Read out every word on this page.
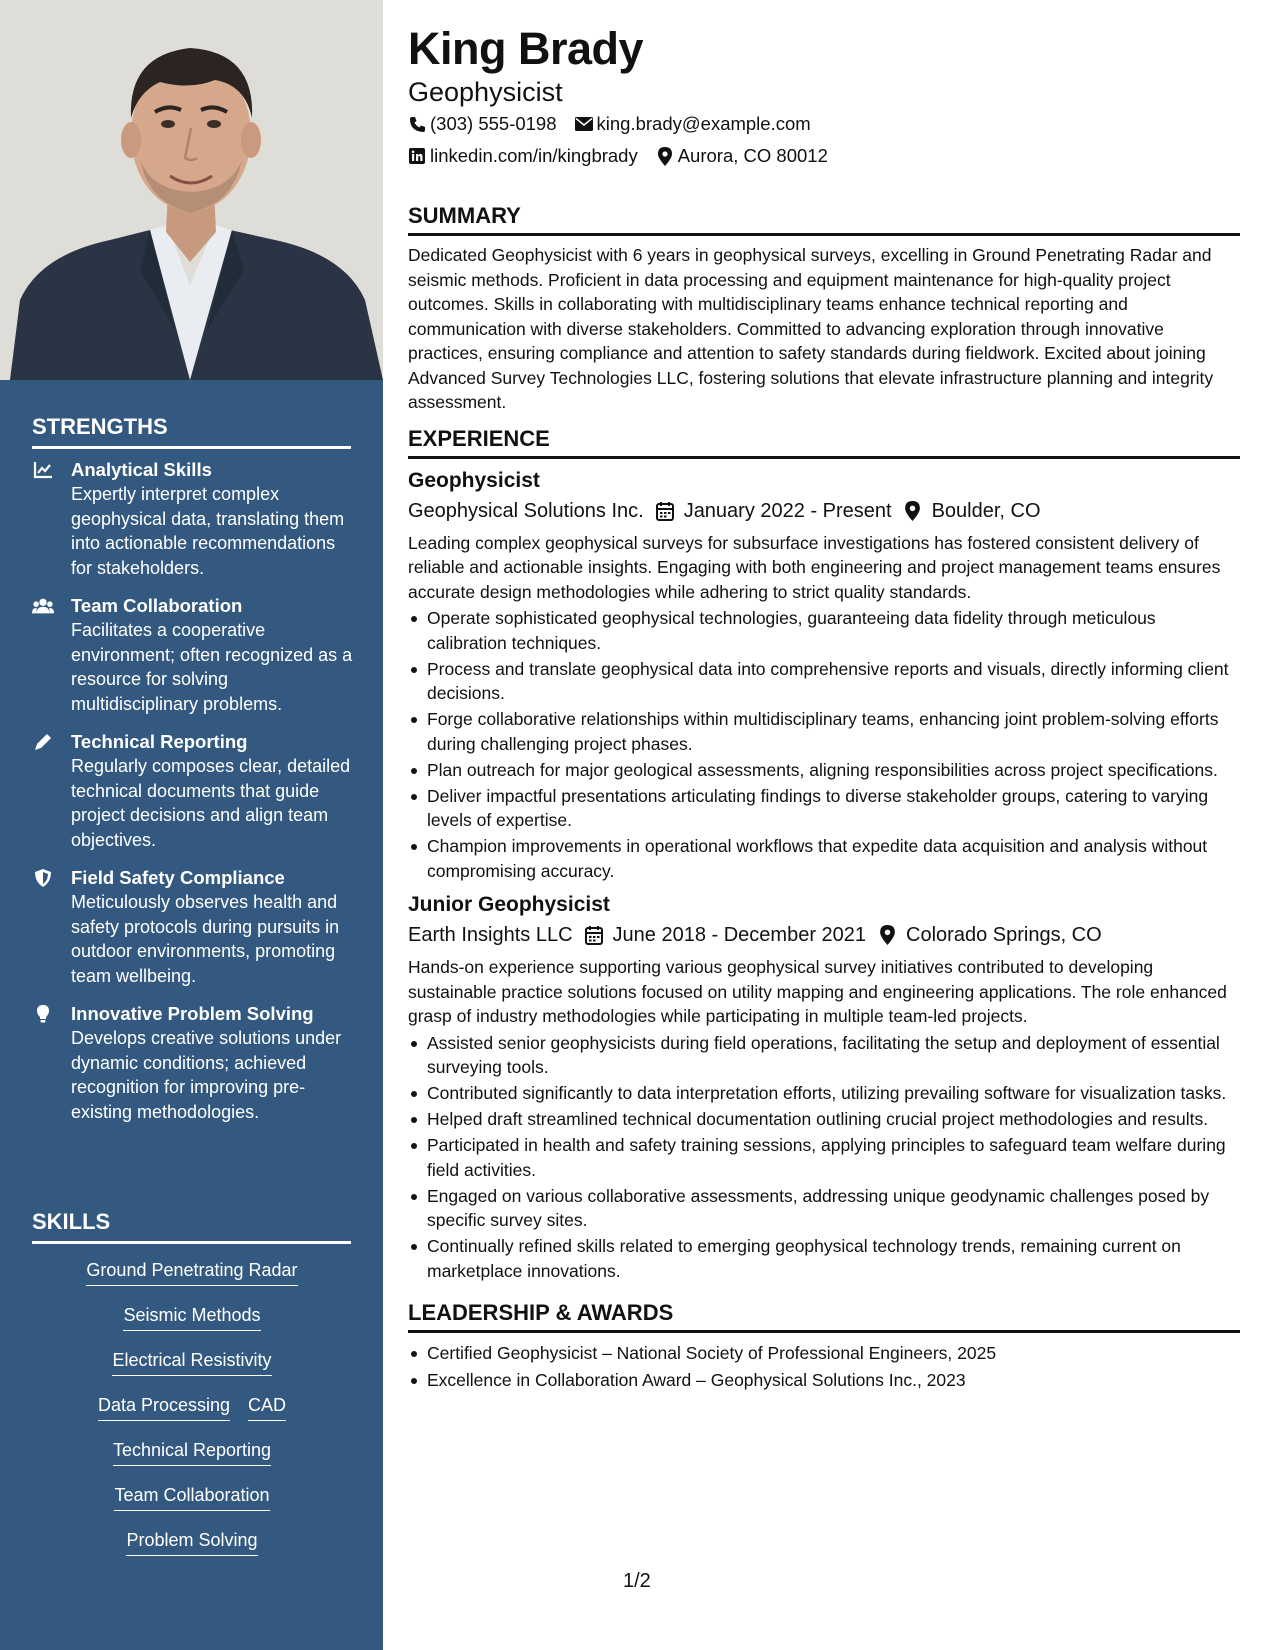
STRENGTHS
Analytical Skills
Expertly interpret complex geophysical data, translating them into actionable recommendations for stakeholders.
Team Collaboration
Facilitates a cooperative environment; often recognized as a resource for solving multidisciplinary problems.
Technical Reporting
Regularly composes clear, detailed technical documents that guide project decisions and align team objectives.
Field Safety Compliance
Meticulously observes health and safety protocols during pursuits in outdoor environments, promoting team wellbeing.
Innovative Problem Solving
Develops creative solutions under dynamic conditions; achieved recognition for improving pre-existing methodologies.
SKILLS
Ground Penetrating Radar
Seismic Methods
Electrical Resistivity
Data Processing CAD
Technical Reporting
Team Collaboration
Problem Solving
King Brady
Geophysicist
(303) 555-0198 king.brady@example.com
linkedin.com/in/kingbrady Aurora, CO 80012
SUMMARY

Dedicated Geophysicist with 6 years in geophysical surveys, excelling in Ground Penetrating Radar and seismic methods. Proficient in data processing and equipment maintenance for high-quality project outcomes. Skills in collaborating with multidisciplinary teams enhance technical reporting and communication with diverse stakeholders. Committed to advancing exploration through innovative practices, ensuring compliance and attention to safety standards during fieldwork. Excited about joining Advanced Survey Technologies LLC, fostering solutions that elevate infrastructure planning and integrity assessment.

EXPERIENCE
Geophysicist
Geophysical Solutions Inc. January 2022 - Present Boulder, CO

Leading complex geophysical surveys for subsurface investigations has fostered consistent delivery of reliable and actionable insights. Engaging with both engineering and project management teams ensures accurate design methodologies while adhering to strict quality standards.

Operate sophisticated geophysical technologies, guaranteeing data fidelity through meticulous calibration techniques.
Process and translate geophysical data into comprehensive reports and visuals, directly informing client decisions.
Forge collaborative relationships within multidisciplinary teams, enhancing joint problem-solving efforts during challenging project phases.
Plan outreach for major geological assessments, aligning responsibilities across project specifications.
Deliver impactful presentations articulating findings to diverse stakeholder groups, catering to varying levels of expertise.
Champion improvements in operational workflows that expedite data acquisition and analysis without compromising accuracy.
Junior Geophysicist
Earth Insights LLC June 2018 - December 2021 Colorado Springs, CO

Hands-on experience supporting various geophysical survey initiatives contributed to developing sustainable practice solutions focused on utility mapping and engineering applications. The role enhanced grasp of industry methodologies while participating in multiple team-led projects.

Assisted senior geophysicists during field operations, facilitating the setup and deployment of essential surveying tools.
Contributed significantly to data interpretation efforts, utilizing prevailing software for visualization tasks.
Helped draft streamlined technical documentation outlining crucial project methodologies and results.
Participated in health and safety training sessions, applying principles to safeguard team welfare during field activities.
Engaged on various collaborative assessments, addressing unique geodynamic challenges posed by specific survey sites.
Continually refined skills related to emerging geophysical technology trends, remaining current on marketplace innovations.
LEADERSHIP & AWARDS
Certified Geophysicist – National Society of Professional Engineers, 2025
Excellence in Collaboration Award – Geophysical Solutions Inc., 2023
1/2
